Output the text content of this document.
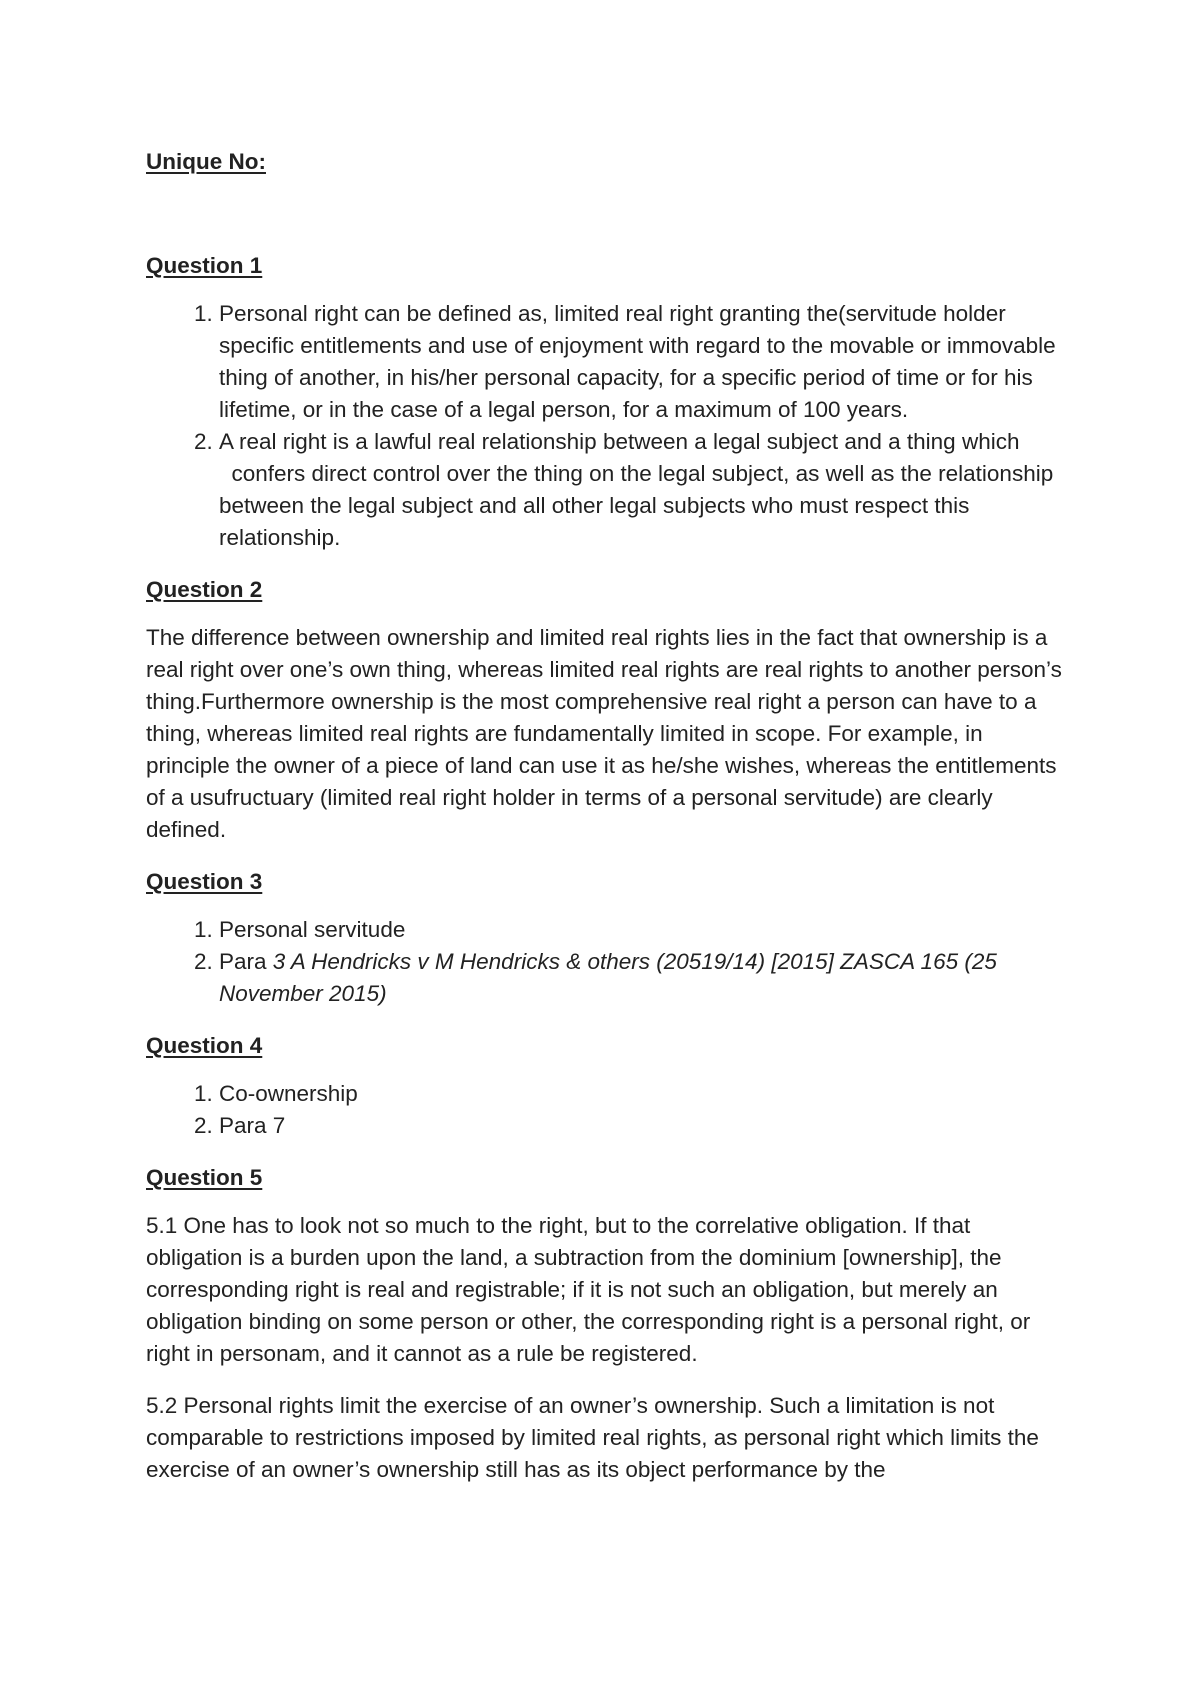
Unique No:

Question 1

1. Personal right can be defined as, limited real right granting the(servitude holder specific entitlements and use of enjoyment with regard to the movable or immovable thing of another, in his/her personal capacity, for a specific period of time or for his lifetime, or in the case of a legal person, for a maximum of 100 years.
2. A real right is a lawful real relationship between a legal subject and a thing which   confers direct control over the thing on the legal subject, as well as the relationship between the legal subject and all other legal subjects who must respect this relationship.

Question 2

The difference between ownership and limited real rights lies in the fact that ownership is a real right over one’s own thing, whereas limited real rights are real rights to another person’s thing.Furthermore ownership is the most comprehensive real right a person can have to a thing, whereas limited real rights are fundamentally limited in scope. For example, in principle the owner of a piece of land can use it as he/she wishes, whereas the entitlements of a usufructuary (limited real right holder in terms of a personal servitude) are clearly defined.

Question 3

1. Personal servitude
2. Para 3 A Hendricks v M Hendricks & others (20519/14) [2015] ZASCA 165 (25 November 2015)

Question 4

1. Co-ownership
2. Para 7

Question 5

5.1 One has to look not so much to the right, but to the correlative obligation. If that obligation is a burden upon the land, a subtraction from the dominium [ownership], the corresponding right is real and registrable; if it is not such an obligation, but merely an obligation binding on some person or other, the corresponding right is a personal right, or right in personam, and it cannot as a rule be registered.

5.2 Personal rights limit the exercise of an owner’s ownership. Such a limitation is not comparable to restrictions imposed by limited real rights, as personal right which limits the exercise of an owner’s ownership still has as its object performance by the
